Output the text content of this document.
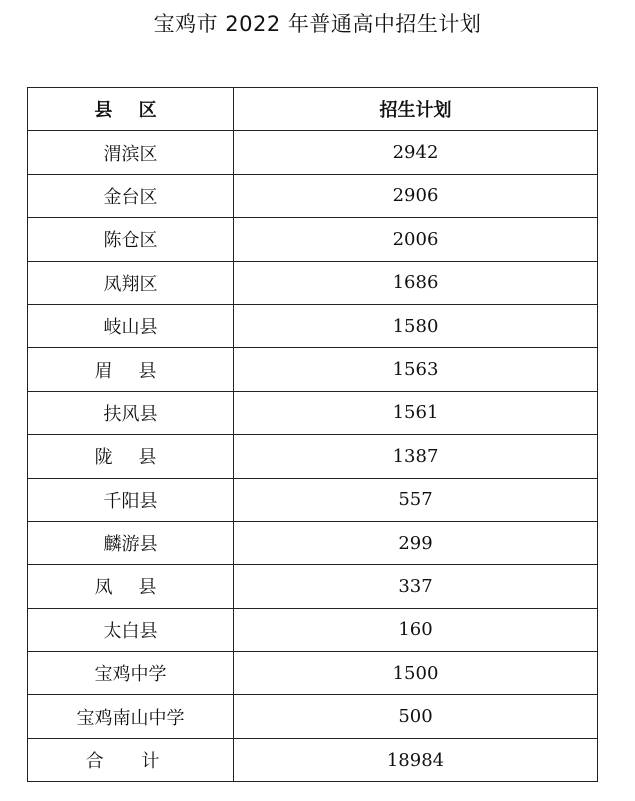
宝鸡市 2022 年普通高中招生计划
县 区	招生计划
渭滨区	2942
金台区	2906
陈仓区	2006
凤翔区	1686
岐山县	1580
眉 县	1563
扶风县	1561
陇 县	1387
千阳县	557
麟游县	299
凤 县	337
太白县	160
宝鸡中学	1500
宝鸡南山中学	500
合 计	18984
